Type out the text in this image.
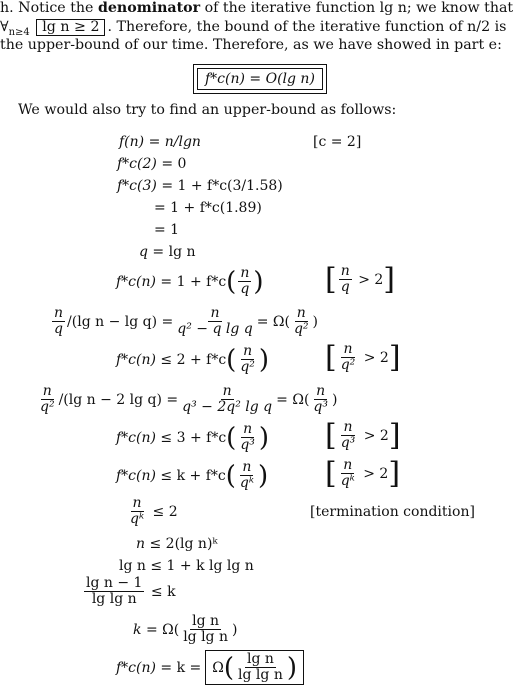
h. Notice the denominator of the iterative function lg n; we know that
$\forall_{n\ge 4}$ lg n ≥ 2 . Therefore, the bound of the iterative function of n/2 is
the upper-bound of our time. Therefore, as we have showed in part e:
f*c(n) = O(lg n)
We would also try to find an upper-bound as follows:
f(n)
= n/lgn	[c = 2]
f*c(2)
= 0
f*c(3)
= 1 + f*c(3/1.58)
= 1 + f*c(1.89)
= 1
q
= lg n
f*c(n)
= 1 + f*c ( $\frac{n}{q}$ ) [ $\frac{n}{q}$
> 2 ]
$\frac{n}{q} /(\lg$ n − lg q)
= $\frac{n}{\text{q² − q lg q}} = \Omega( \frac{n}{\text{q²}}$ )
f*c(n)
≤ 2 + f*c ( $\frac{n}{\text{q²}}$ ) [ $\frac{n}{\text{q²}}$
> 2 ]
$\frac{n}{\text{q²}} /(\lg$ n − 2 lg q)
= $\frac{n}{\text{q³ − 2q² lg q}} = \Omega( \frac{n}{\text{q³}}$ )
f*c(n)
≤ 3 + f*c ( $\frac{n}{\text{q³}}$ ) [ $\frac{n}{\text{q³}}$
> 2 ]
f*c(n)
≤ k + f*c ( $\frac{n}{\text{qᵏ}}$ ) [ $\frac{n}{\text{qᵏ}}$
> 2 ]
$\frac{n}{\text{qᵏ}}$
≤ 2	[termination condition]
n
≤ 2(lg n)ᵏ
lg n
≤ 1 + k lg lg n
$\frac{\text{lg n − 1}}{\text{lg lg n}}$
≤ k
k
= $\Omega( \frac{\text{lg n}}{\text{lg lg n}}$ )
f*c(n)
= k = Ω ( $\frac{\text{lg n}}{\text{lg lg n}}$ )
